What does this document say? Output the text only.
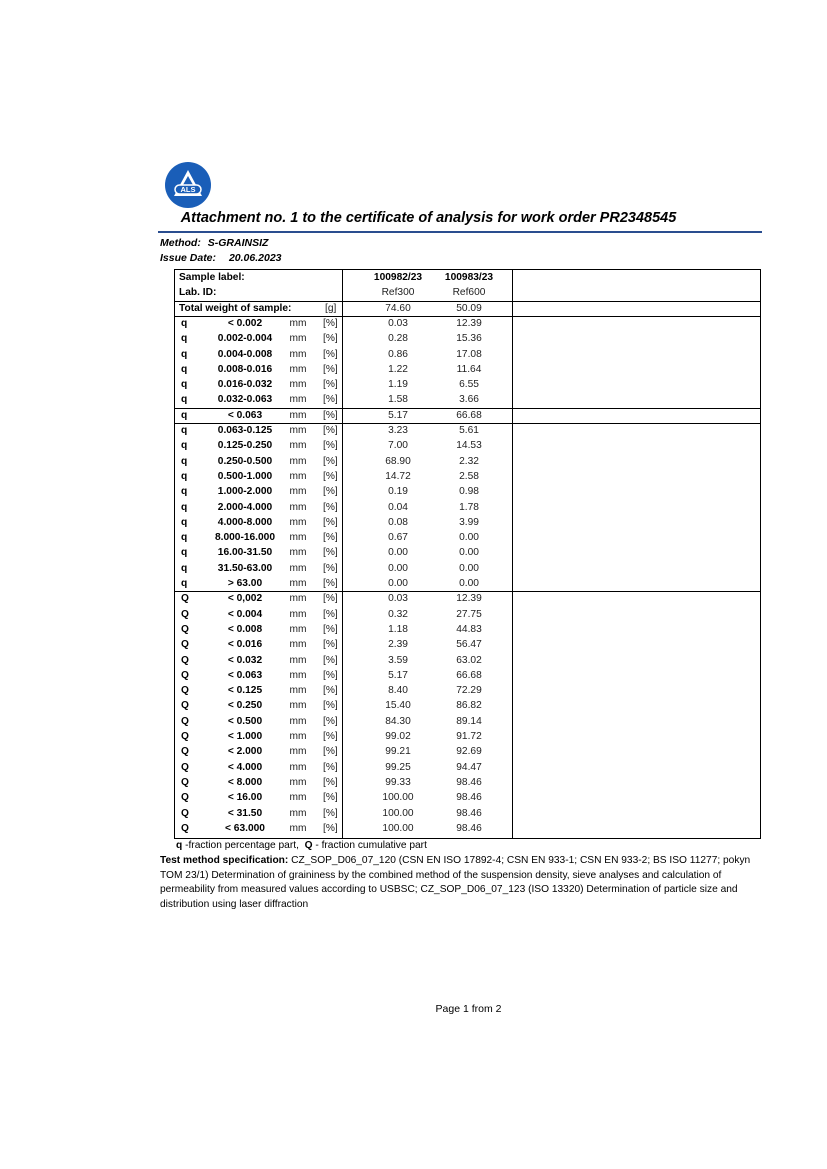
ALS
Attachment no. 1 to the certificate of analysis for work order PR2348545
Method: S-GRAINSIZ
Issue Date: 20.06.2023
Sample label:	100982/23	100983/23
Lab. ID:	Ref300	Ref600
Total weight of sample:	[g]	74.60	50.09
q	< 0.002	mm	[%]	0.03	12.39
q	0.002-0.004	mm	[%]	0.28	15.36
q	0.004-0.008	mm	[%]	0.86	17.08
q	0.008-0.016	mm	[%]	1.22	11.64
q	0.016-0.032	mm	[%]	1.19	6.55
q	0.032-0.063	mm	[%]	1.58	3.66
q	< 0.063	mm	[%]	5.17	66.68
q	0.063-0.125	mm	[%]	3.23	5.61
q	0.125-0.250	mm	[%]	7.00	14.53
q	0.250-0.500	mm	[%]	68.90	2.32
q	0.500-1.000	mm	[%]	14.72	2.58
q	1.000-2.000	mm	[%]	0.19	0.98
q	2.000-4.000	mm	[%]	0.04	1.78
q	4.000-8.000	mm	[%]	0.08	3.99
q	8.000-16.000	mm	[%]	0.67	0.00
q	16.00-31.50	mm	[%]	0.00	0.00
q	31.50-63.00	mm	[%]	0.00	0.00
q	> 63.00	mm	[%]	0.00	0.00
Q	< 0,002	mm	[%]	0.03	12.39
Q	< 0.004	mm	[%]	0.32	27.75
Q	< 0.008	mm	[%]	1.18	44.83
Q	< 0.016	mm	[%]	2.39	56.47
Q	< 0.032	mm	[%]	3.59	63.02
Q	< 0.063	mm	[%]	5.17	66.68
Q	< 0.125	mm	[%]	8.40	72.29
Q	< 0.250	mm	[%]	15.40	86.82
Q	< 0.500	mm	[%]	84.30	89.14
Q	< 1.000	mm	[%]	99.02	91.72
Q	< 2.000	mm	[%]	99.21	92.69
Q	< 4.000	mm	[%]	99.25	94.47
Q	< 8.000	mm	[%]	99.33	98.46
Q	< 16.00	mm	[%]	100.00	98.46
Q	< 31.50	mm	[%]	100.00	98.46
Q	< 63.000	mm	[%]	100.00	98.46
q -fraction percentage part, Q - fraction cumulative part
Test method specification: CZ_SOP_D06_07_120 (CSN EN ISO 17892-4; CSN EN 933-1; CSN EN 933-2; BS ISO 11277; pokyn TOM 23/1) Determination of graininess by the combined method of the suspension density, sieve analyses and calculation of permeability from measured values according to USBSC; CZ_SOP_D06_07_123 (ISO 13320) Determination of particle size and distribution using laser diffraction
Page 1 from 2
